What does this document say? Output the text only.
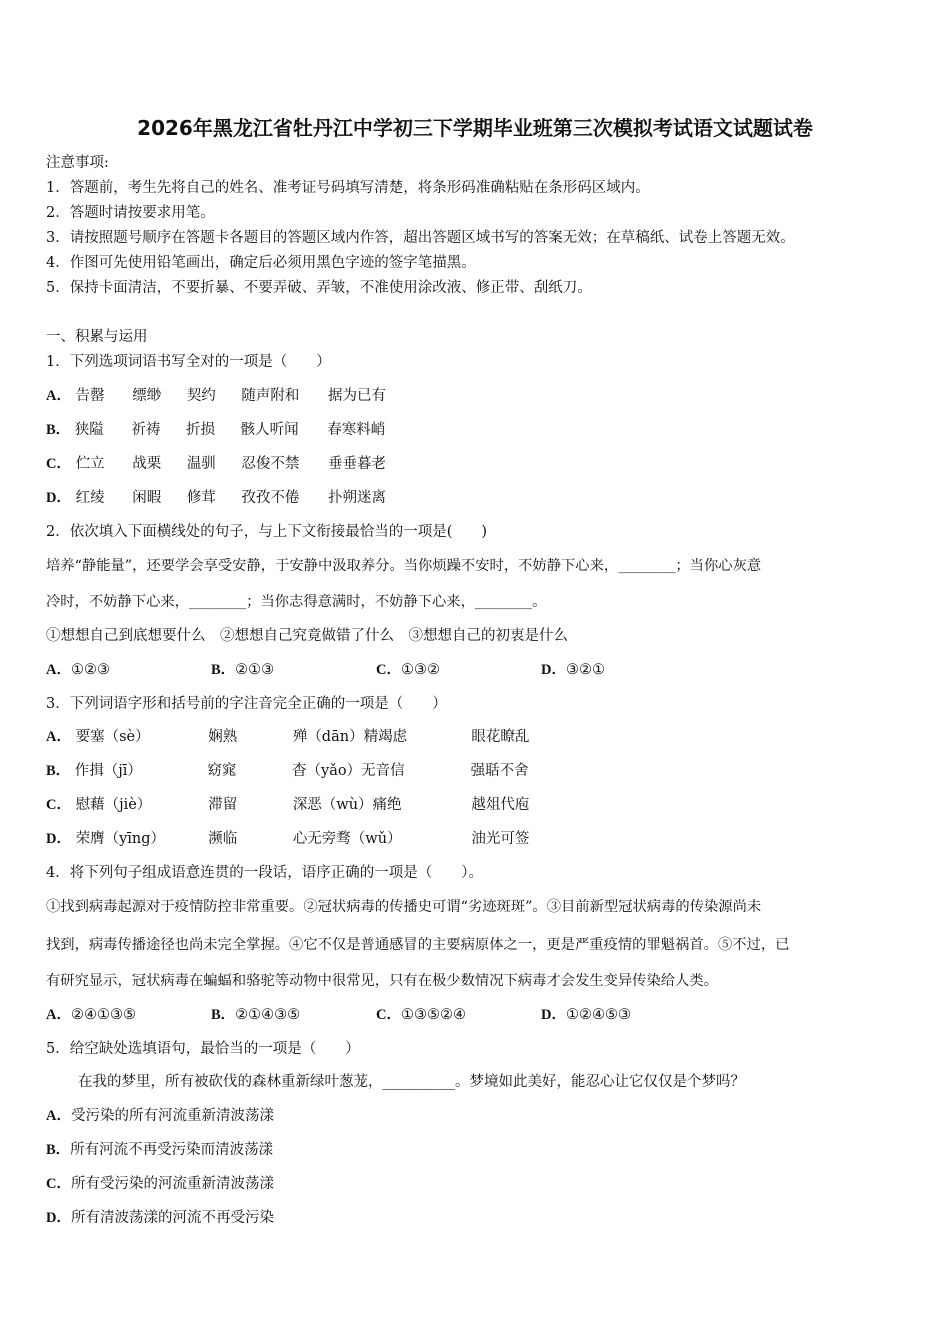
2026年黑龙江省牡丹江中学初三下学期毕业班第三次模拟考试语文试题试卷
注意事项:
1．答题前，考生先将自己的姓名、准考证号码填写清楚，将条形码准确粘贴在条形码区域内。
2．答题时请按要求用笔。
3．请按照题号顺序在答题卡各题目的答题区域内作答，超出答题区域书写的答案无效；在草稿纸、试卷上答题无效。
4．作图可先使用铅笔画出，确定后必须用黑色字迹的签字笔描黑。
5．保持卡面清洁，不要折暴、不要弄破、弄皱，不准使用涂改液、修正带、刮纸刀。
一、积累与运用
1．下列选项词语书写全对的一项是（　　）
A． 告罄 缥缈 契约 随声附和 据为已有
B． 狭隘 祈祷 折损 骸人听闻 春寒料峭
C． 伫立 战栗 温驯 忍俊不禁 垂垂暮老
D． 红绫 闲暇 修茸 孜孜不倦 扑朔迷离
2．依次填入下面横线处的句子，与上下文衔接最恰当的一项是(　　)
培养“静能量”，还要学会享受安静，于安静中汲取养分。当你烦躁不安时，不妨静下心来，________；当你心灰意
冷时，不妨静下心来，________；当你志得意满时，不妨静下心来，________。
①想想自己到底想要什么　②想想自己究竟做错了什么　③想想自己的初衷是什么
A．①②③	B．②①③	C．①③②	D．③②①
3．下列词语字形和括号前的字注音完全正确的一项是（　　）
A． 要塞（sè）	娴熟	殚（dān）精竭虑	眼花瞭乱
B． 作揖（jī）	窈窕	杳（yǎo）无音信	强聒不舍
C． 慰藉（jiè）	滞留	深恶（wù）痛绝	越俎代庖
D． 荣膺（yīng）	濒临	心无旁骛（wǔ）	油光可签
4．将下列句子组成语意连贯的一段话，语序正确的一项是（　　）。
①找到病毒起源对于疫情防控非常重要。②冠状病毒的传播史可谓“劣迹斑斑”。③目前新型冠状病毒的传染源尚未
找到，病毒传播途径也尚未完全掌握。④它不仅是普通感冒的主要病原体之一，更是严重疫情的罪魁祸首。⑤不过，已
有研究显示，冠状病毒在蝙蝠和骆驼等动物中很常见，只有在极少数情况下病毒才会发生变异传染给人类。
A．②④①③⑤	B．②①④③⑤	C．①③⑤②④	D．①②④⑤③
5．给空缺处选填语句，最恰当的一项是（　　）
在我的梦里，所有被砍伐的森林重新绿叶葱茏，__________。梦境如此美好，能忍心让它仅仅是个梦吗？
A．受污染的所有河流重新清波荡漾
B．所有河流不再受污染而清波荡漾
C．所有受污染的河流重新清波荡漾
D．所有清波荡漾的河流不再受污染
